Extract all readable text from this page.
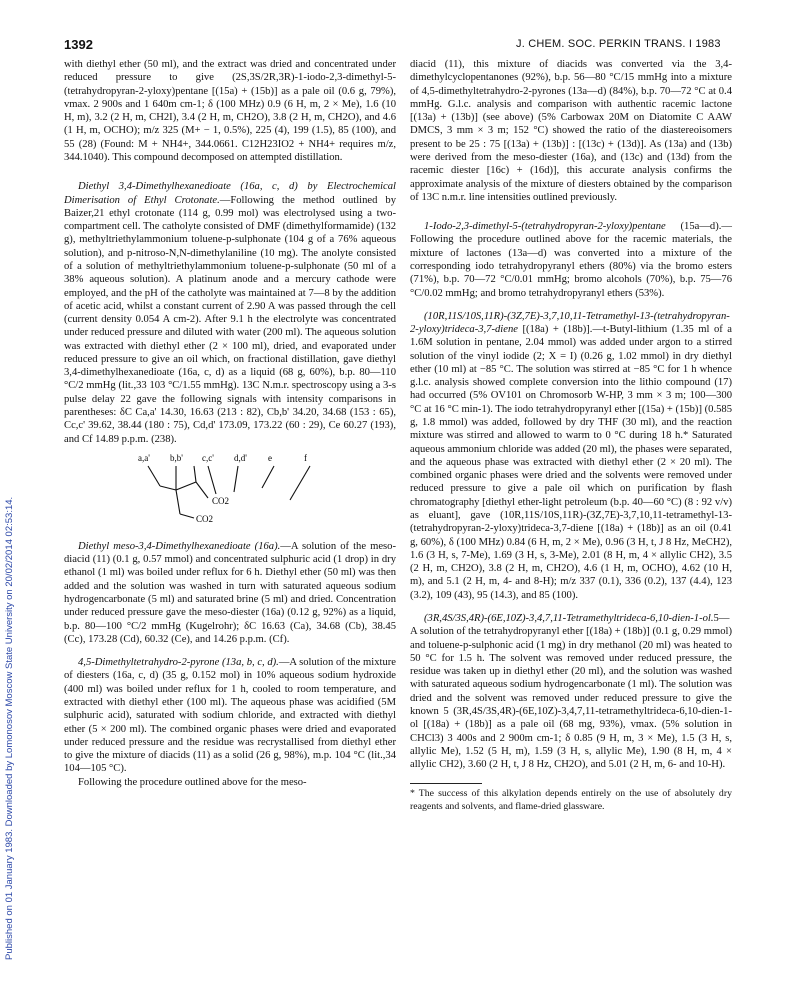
1392	J. CHEM. SOC. PERKIN TRANS. I 1983
Published on 01 January 1983. Downloaded by Lomonosov Moscow State University on 20/02/2014 02:53:14.

with diethyl ether (50 ml), and the extract was dried and concentrated under reduced pressure to give (2S,3S/2R,3R)-1-iodo-2,3-dimethyl-5-(tetrahydropyran-2-yloxy)pentane [(15a) + (15b)] as a pale oil (0.6 g, 79%), vmax. 2 900s and 1 640m cm-1; δ (100 MHz) 0.9 (6 H, m, 2 × Me), 1.6 (10 H, m), 3.2 (2 H, m, CH2I), 3.4 (2 H, m, CH2O), 3.8 (2 H, m, CH2O), and 4.6 (1 H, m, OCHO); m/z 325 (M+ − 1, 0.5%), 225 (4), 199 (1.5), 85 (100), and 55 (28) (Found: M + NH4+, 344.0661. C12H23IO2 + NH4+ requires m/z, 344.1040). This compound decomposed on attempted distillation.

Diethyl 3,4-Dimethylhexanedioate (16a, c, d) by Electrochemical Dimerisation of Ethyl Crotonate.—Following the method outlined by Baizer,21 ethyl crotonate (114 g, 0.99 mol) was electrolysed using a two-compartment cell. The catholyte consisted of DMF (dimethylformamide) (132 g), methyltriethylammonium toluene-p-sulphonate (104 g of a 76% aqueous solution), and p-nitroso-N,N-dimethylaniline (10 mg). The anolyte consisted of a solution of methyltriethylammonium toluene-p-sulphonate (50 ml of a 38% aqueous solution). A platinum anode and a mercury cathode were employed, and the pH of the catholyte was maintained at 7—8 by the addition of acetic acid, whilst a constant current of 2.90 A was passed through the cell (current density 0.054 A cm-2). After 9.1 h the electrolyte was concentrated under reduced pressure and diluted with water (200 ml). The aqueous solution was extracted with diethyl ether (2 × 100 ml), dried, and evaporated under reduced pressure to give an oil which, on fractional distillation, gave diethyl 3,4-dimethylhexanedioate (16a, c, d) as a liquid (68 g, 60%), b.p. 80—110 °C/2 mmHg (lit.,33 103 °C/1.55 mmHg). 13C N.m.r. spectroscopy using a 3-s pulse delay 22 gave the following signals with intensity comparisons in parentheses: δC Ca,a' 14.30, 16.63 (213 : 82), Cb,b' 34.20, 34.68 (153 : 65), Cc,c' 39.62, 38.44 (180 : 75), Cd,d' 173.09, 173.22 (60 : 29), Ce 60.27 (193), and Cf 14.89 p.p.m. (238).

a,a' b,b' c,c' d,d' e	f
CO2
CO2

Diethyl meso-3,4-Dimethylhexanedioate (16a).—A solution of the meso-diacid (11) (0.1 g, 0.57 mmol) and concentrated sulphuric acid (1 drop) in dry ethanol (1 ml) was boiled under reflux for 6 h. Diethyl ether (50 ml) was then added and the solution was washed in turn with saturated aqueous sodium hydrogencarbonate (5 ml) and saturated brine (5 ml) and dried. Concentration under reduced pressure gave the meso-diester (16a) (0.12 g, 92%) as a liquid, b.p. 80—100 °C/2 mmHg (Kugelrohr); δC 16.63 (Ca), 34.68 (Cb), 38.45 (Cc), 173.28 (Cd), 60.32 (Ce), and 14.26 p.p.m. (Cf).

4,5-Dimethyltetrahydro-2-pyrone (13a, b, c, d).—A solution of the mixture of diesters (16a, c, d) (35 g, 0.152 mol) in 10% aqueous sodium hydroxide (400 ml) was boiled under reflux for 1 h, cooled to room temperature, and extracted with diethyl ether (100 ml). The aqueous phase was acidified (5M sulphuric acid), saturated with sodium chloride, and extracted with diethyl ether (5 × 200 ml). The combined organic phases were dried and evaporated under reduced pressure and the residue was recrystallised from diethyl ether to give the mixture of diacids (11) as a solid (26 g, 98%), m.p. 104 °C (lit.,34 104—105 °C).

Following the procedure outlined above for the meso-

diacid (11), this mixture of diacids was converted via the 3,4-dimethylcyclopentanones (92%), b.p. 56—80 °C/15 mmHg into a mixture of 4,5-dimethyltetrahydro-2-pyrones (13a—d) (84%), b.p. 70—72 °C at 0.4 mmHg. G.l.c. analysis and comparison with authentic racemic lactone [(13a) + (13b)] (see above) (5% Carbowax 20M on Diatomite C AAW DMCS, 3 mm × 3 m; 152 °C) showed the ratio of the diastereoisomers present to be 25 : 75 [(13a) + (13b)] : [(13c) + (13d)]. As (13a) and (13b) were derived from the meso-diester (16a), and (13c) and (13d) from the racemic diester [16c) + (16d)], this accurate analysis confirms the approximate analysis of the mixture of diesters obtained by the comparison of 13C n.m.r. line intensities outlined previously.

1-Iodo-2,3-dimethyl-5-(tetrahydropyran-2-yloxy)pentane (15a—d).—Following the procedure outlined above for the racemic materials, the mixture of lactones (13a—d) was converted into a mixture of the corresponding iodo tetrahydropyranyl ethers (80%) via the bromo esters (71%), b.p. 70—72 °C/0.01 mmHg; bromo alcohols (70%), b.p. 75—76 °C/0.02 mmHg; and bromo tetrahydropyranyl ethers (53%).

(10R,11S/10S,11R)-(3Z,7E)-3,7,10,11-Tetramethyl-13-(tetrahydropyran-2-yloxy)trideca-3,7-diene [(18a) + (18b)].—t-Butyl-lithium (1.35 ml of a 1.6M solution in pentane, 2.04 mmol) was added under argon to a stirred solution of the vinyl iodide (2; X = I) (0.26 g, 1.02 mmol) in dry diethyl ether (10 ml) at −85 °C. The solution was stirred at −85 °C for 1 h whence g.l.c. analysis showed complete conversion into the lithio compound (17) had occurred (5% OV101 on Chromosorb W-HP, 3 mm × 3 m; 100—300 °C at 16 °C min-1). The iodo tetrahydropyranyl ether [(15a) + (15b)] (0.585 g, 1.8 mmol) was added, followed by dry THF (30 ml), and the reaction mixture was stirred and allowed to warm to 0 °C during 18 h.* Saturated aqueous ammonium chloride was added (20 ml), the phases were separated, and the aqueous phase was extracted with diethyl ether (2 × 20 ml). The combined organic phases were dried and the solvents were removed under reduced pressure to give a pale oil which on purification by flash chromatography [diethyl ether-light petroleum (b.p. 40—60 °C) (8 : 92 v/v) as eluant], gave (10R,11S/10S,11R)-(3Z,7E)-3,7,10,11-tetramethyl-13-(tetrahydropyran-2-yloxy)trideca-3,7-diene [(18a) + (18b)] as an oil (0.41 g, 60%), δ (100 MHz) 0.84 (6 H, m, 2 × Me), 0.96 (3 H, t, J 8 Hz, MeCH2), 1.6 (3 H, s, 7-Me), 1.69 (3 H, s, 3-Me), 2.01 (8 H, m, 4 × allylic CH2), 3.5 (2 H, m, CH2O), 3.8 (2 H, m, CH2O), 4.6 (1 H, m, OCHO), 4.62 (10 H, m), and 5.1 (2 H, m, 4- and 8-H); m/z 337 (0.1), 336 (0.2), 137 (4.4), 123 (3.2), 109 (43), 95 (14.3), and 85 (100).

(3R,4S/3S,4R)-(6E,10Z)-3,4,7,11-Tetramethyltrideca-6,10-dien-1-ol.5—A solution of the tetrahydropyranyl ether [(18a) + (18b)] (0.1 g, 0.29 mmol) and toluene-p-sulphonic acid (1 mg) in dry methanol (20 ml) was heated to 50 °C for 1.5 h. The solvent was removed under reduced pressure, the residue was taken up in diethyl ether (20 ml), and the solution was washed with saturated aqueous sodium hydrogencarbonate (1 ml). The solution was dried and the solvent was removed under reduced pressure to give the known 5 (3R,4S/3S,4R)-(6E,10Z)-3,4,7,11-tetramethyltrideca-6,10-dien-1-ol [(18a) + (18b)] as a pale oil (68 mg, 93%), vmax. (5% solution in CHCl3) 3 400s and 2 900m cm-1; δ 0.85 (9 H, m, 3 × Me), 1.5 (3 H, s, allylic Me), 1.52 (5 H, m), 1.59 (3 H, s, allylic Me), 1.90 (8 H, m, 4 × allylic CH2), 3.60 (2 H, t, J 8 Hz, CH2O), and 5.01 (2 H, m, 6- and 10-H).

* The success of this alkylation depends entirely on the use of absolutely dry reagents and solvents, and flame-dried glassware.
